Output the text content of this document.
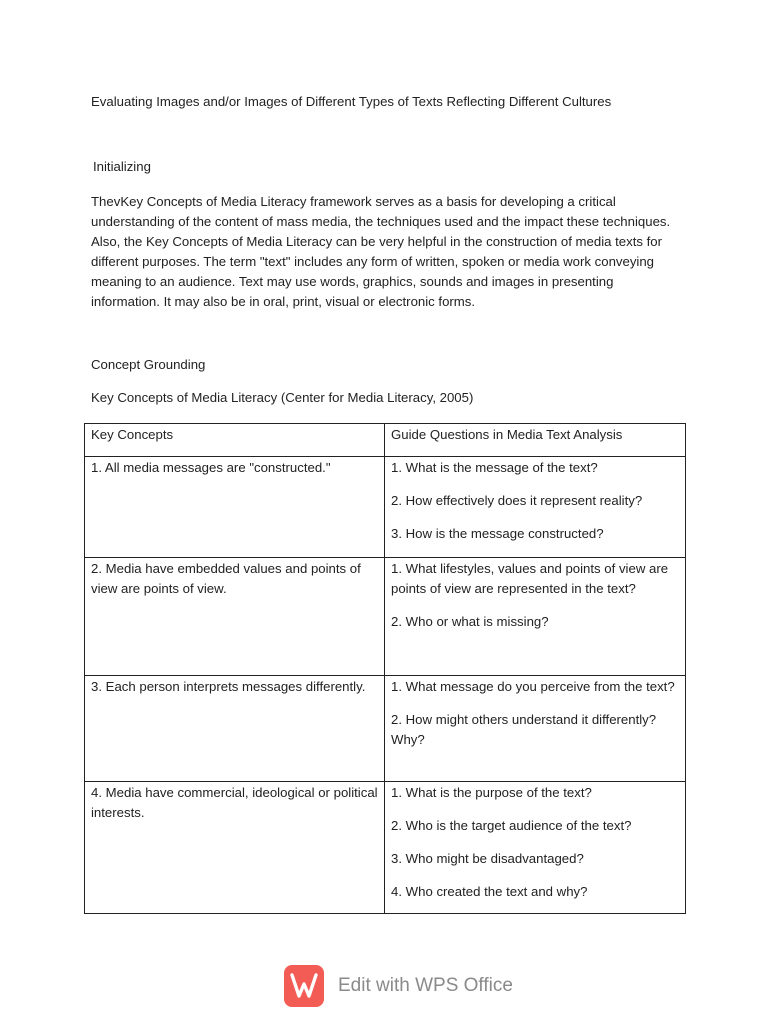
Evaluating Images and/or Images of Different Types of Texts Reflecting Different Cultures
Initializing
ThevKey Concepts of Media Literacy framework serves as a basis for developing a critical understanding of the content of mass media, the techniques used and the impact these techniques. Also, the Key Concepts of Media Literacy can be very helpful in the construction of media texts for different purposes. The term "text" includes any form of written, spoken or media work conveying meaning to an audience. Text may use words, graphics, sounds and images in presenting information. It may also be in oral, print, visual or electronic forms.
Concept Grounding
Key Concepts of Media Literacy (Center for Media Literacy, 2005)
Key Concepts	Guide Questions in Media Text Analysis
1. All media messages are "constructed."	1. What is the message of the text?
2. How effectively does it represent reality?
3. How is the message constructed?

2. Media have embedded values and points of view are points of view.	1. What lifestyles, values and points of view are points of view are represented in the text?
2. Who or what is missing?

3. Each person interprets messages differently.	1. What message do you perceive from the text?
2. How might others understand it differently? Why?

4. Media have commercial, ideological or political interests.	1. What is the purpose of the text?
2. Who is the target audience of the text?
3. Who might be disadvantaged?
4. Who created the text and why?
Edit with WPS Office
